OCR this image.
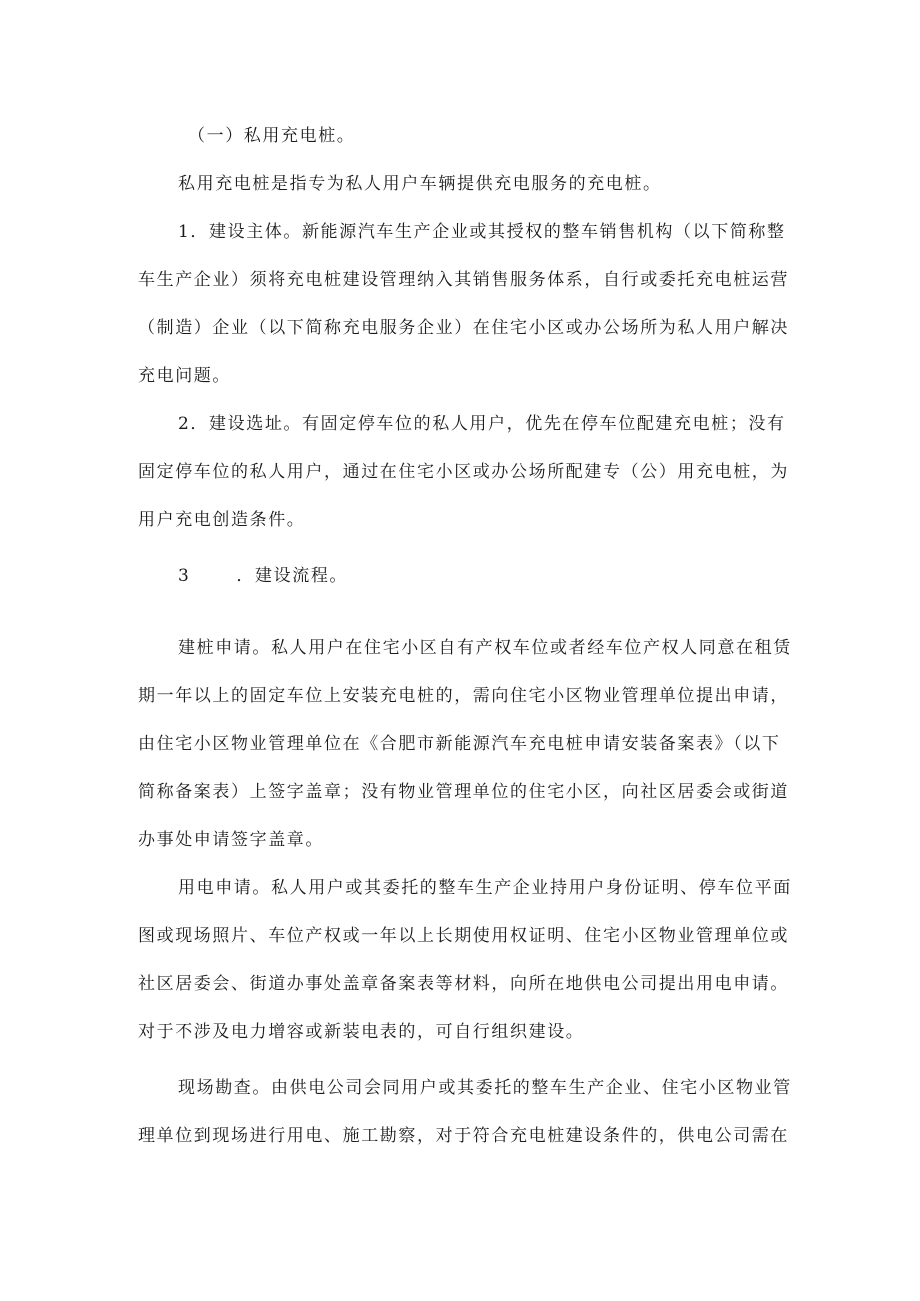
（一）私用充电桩。
私用充电桩是指专为私人用户车辆提供充电服务的充电桩。
1．建设主体。新能源汽车生产企业或其授权的整车销售机构（以下简称整
车生产企业）须将充电桩建设管理纳入其销售服务体系，自行或委托充电桩运营
（制造）企业（以下简称充电服务企业）在住宅小区或办公场所为私人用户解决
充电问题。
2．建设选址。有固定停车位的私人用户，优先在停车位配建充电桩；没有
固定停车位的私人用户，通过在住宅小区或办公场所配建专（公）用充电桩，为
用户充电创造条件。
3	．建设流程。
建桩申请。私人用户在住宅小区自有产权车位或者经车位产权人同意在租赁
期一年以上的固定车位上安装充电桩的，需向住宅小区物业管理单位提出申请，
由住宅小区物业管理单位在《合肥市新能源汽车充电桩申请安装备案表》（以下
简称备案表）上签字盖章；没有物业管理单位的住宅小区，向社区居委会或街道
办事处申请签字盖章。
用电申请。私人用户或其委托的整车生产企业持用户身份证明、停车位平面
图或现场照片、车位产权或一年以上长期使用权证明、住宅小区物业管理单位或
社区居委会、街道办事处盖章备案表等材料，向所在地供电公司提出用电申请。
对于不涉及电力增容或新装电表的，可自行组织建设。
现场勘查。由供电公司会同用户或其委托的整车生产企业、住宅小区物业管
理单位到现场进行用电、施工勘察，对于符合充电桩建设条件的，供电公司需在
